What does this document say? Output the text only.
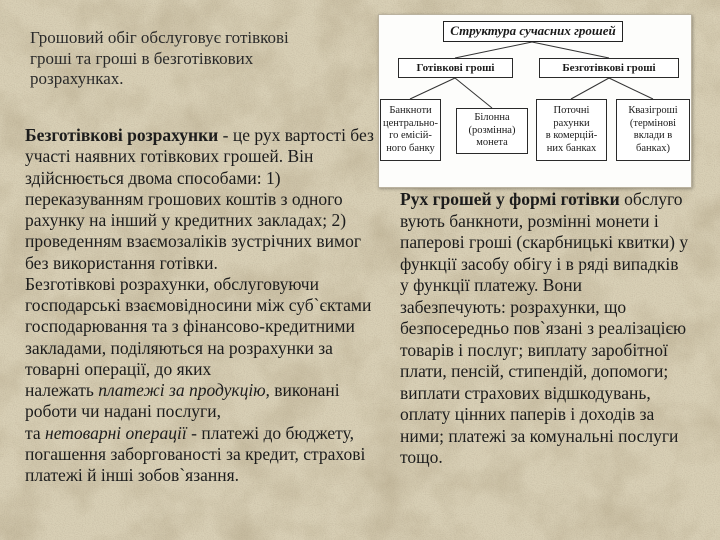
Грошовий обіг обслуговує готівкові
гроші та гроші в безготівкових
розрахунках.
Структура сучасних грошей
Готівкові гроші	Безготівкові гроші
Банкноти
центрально-
го емісій-
ного банку
Білонна
(розмінна)
монета
Поточні
рахунки
в комерцій-
них банках
Квазігроші
(термінові
вклади в
банках)
Безготівкові розрахунки - це рух вартості без
участі наявних готівкових грошей. Він
здійснюється двома способами: 1)
переказуванням грошових коштів з одного
рахунку на інший у кредитних закладах; 2)
проведенням взаємозаліків зустрічних вимог
без використання готівки.
Безготівкові розрахунки, обслуговуючи
господарські взаємовідносини між суб`єктами
господарювання та з фінансово-кредитними
закладами, поділяються на розрахунки за
товарні операції, до яких
належать платежі за продукцію, виконані
роботи чи надані послуги,
та нетоварні операції - платежі до бюджету,
погашення заборгованості за кредит, страхові
платежі й інші зобов`язання.
Рух грошей у формі готівки обслуго
вують банкноти, розмінні монети і
паперові гроші (скарбницькі квитки) у
функції засобу обігу і в ряді випадків
у функції платежу. Вони
забезпечують: розрахунки, що
безпосередньо пов`язані з реалізацією
товарів і послуг; виплату заробітної
плати, пенсій, стипендій, допомоги;
виплати страхових відшкодувань,
оплату цінних паперів і доходів за
ними; платежі за комунальні послуги
тощо.
